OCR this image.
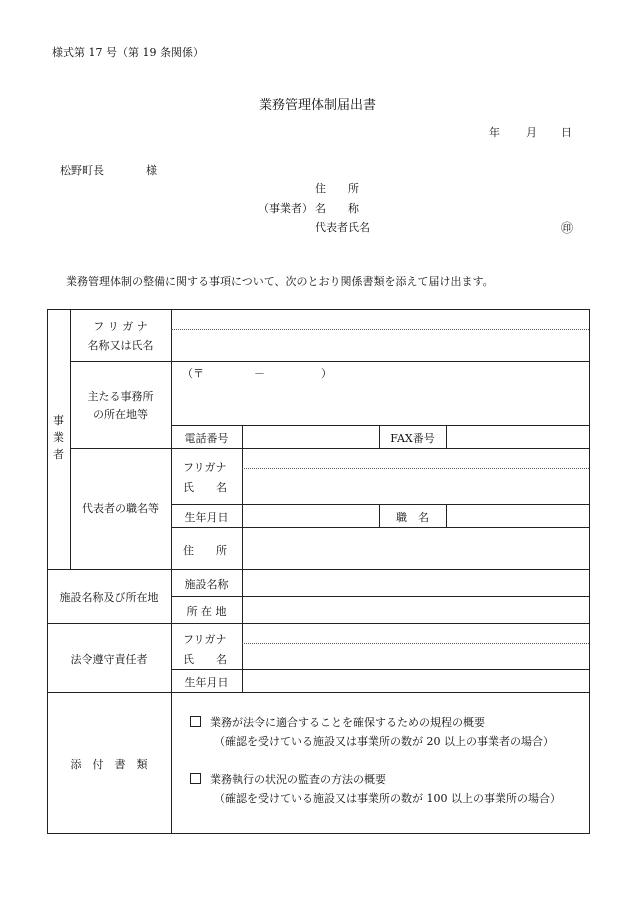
様式第 17 号（第 19 条関係）
業務管理体制届出書
年 月 日
松野町長	様
住　　所
（事業者） 名　　称
代表者氏名	㊞
業務管理体制の整備に関する事項について、次のとおり関係書類を添えて届け出ます。
事
業
者
フ リ ガ ナ
名称又は氏名
主たる事務所
の所在地等
（〒	－	）
電話番号	FAX番号
代表者の職名等
フリガナ
氏　　名
生年月日	職　名
住　　所
施設名称及び所在地
施設名称
所 在 地
法令遵守責任者
フリガナ
氏　　名
生年月日
添　付　書　類
業務が法令に適合することを確保するための規程の概要
（確認を受けている施設又は事業所の数が 20 以上の事業者の場合）
業務執行の状況の監査の方法の概要
（確認を受けている施設又は事業所の数が 100 以上の事業所の場合）
